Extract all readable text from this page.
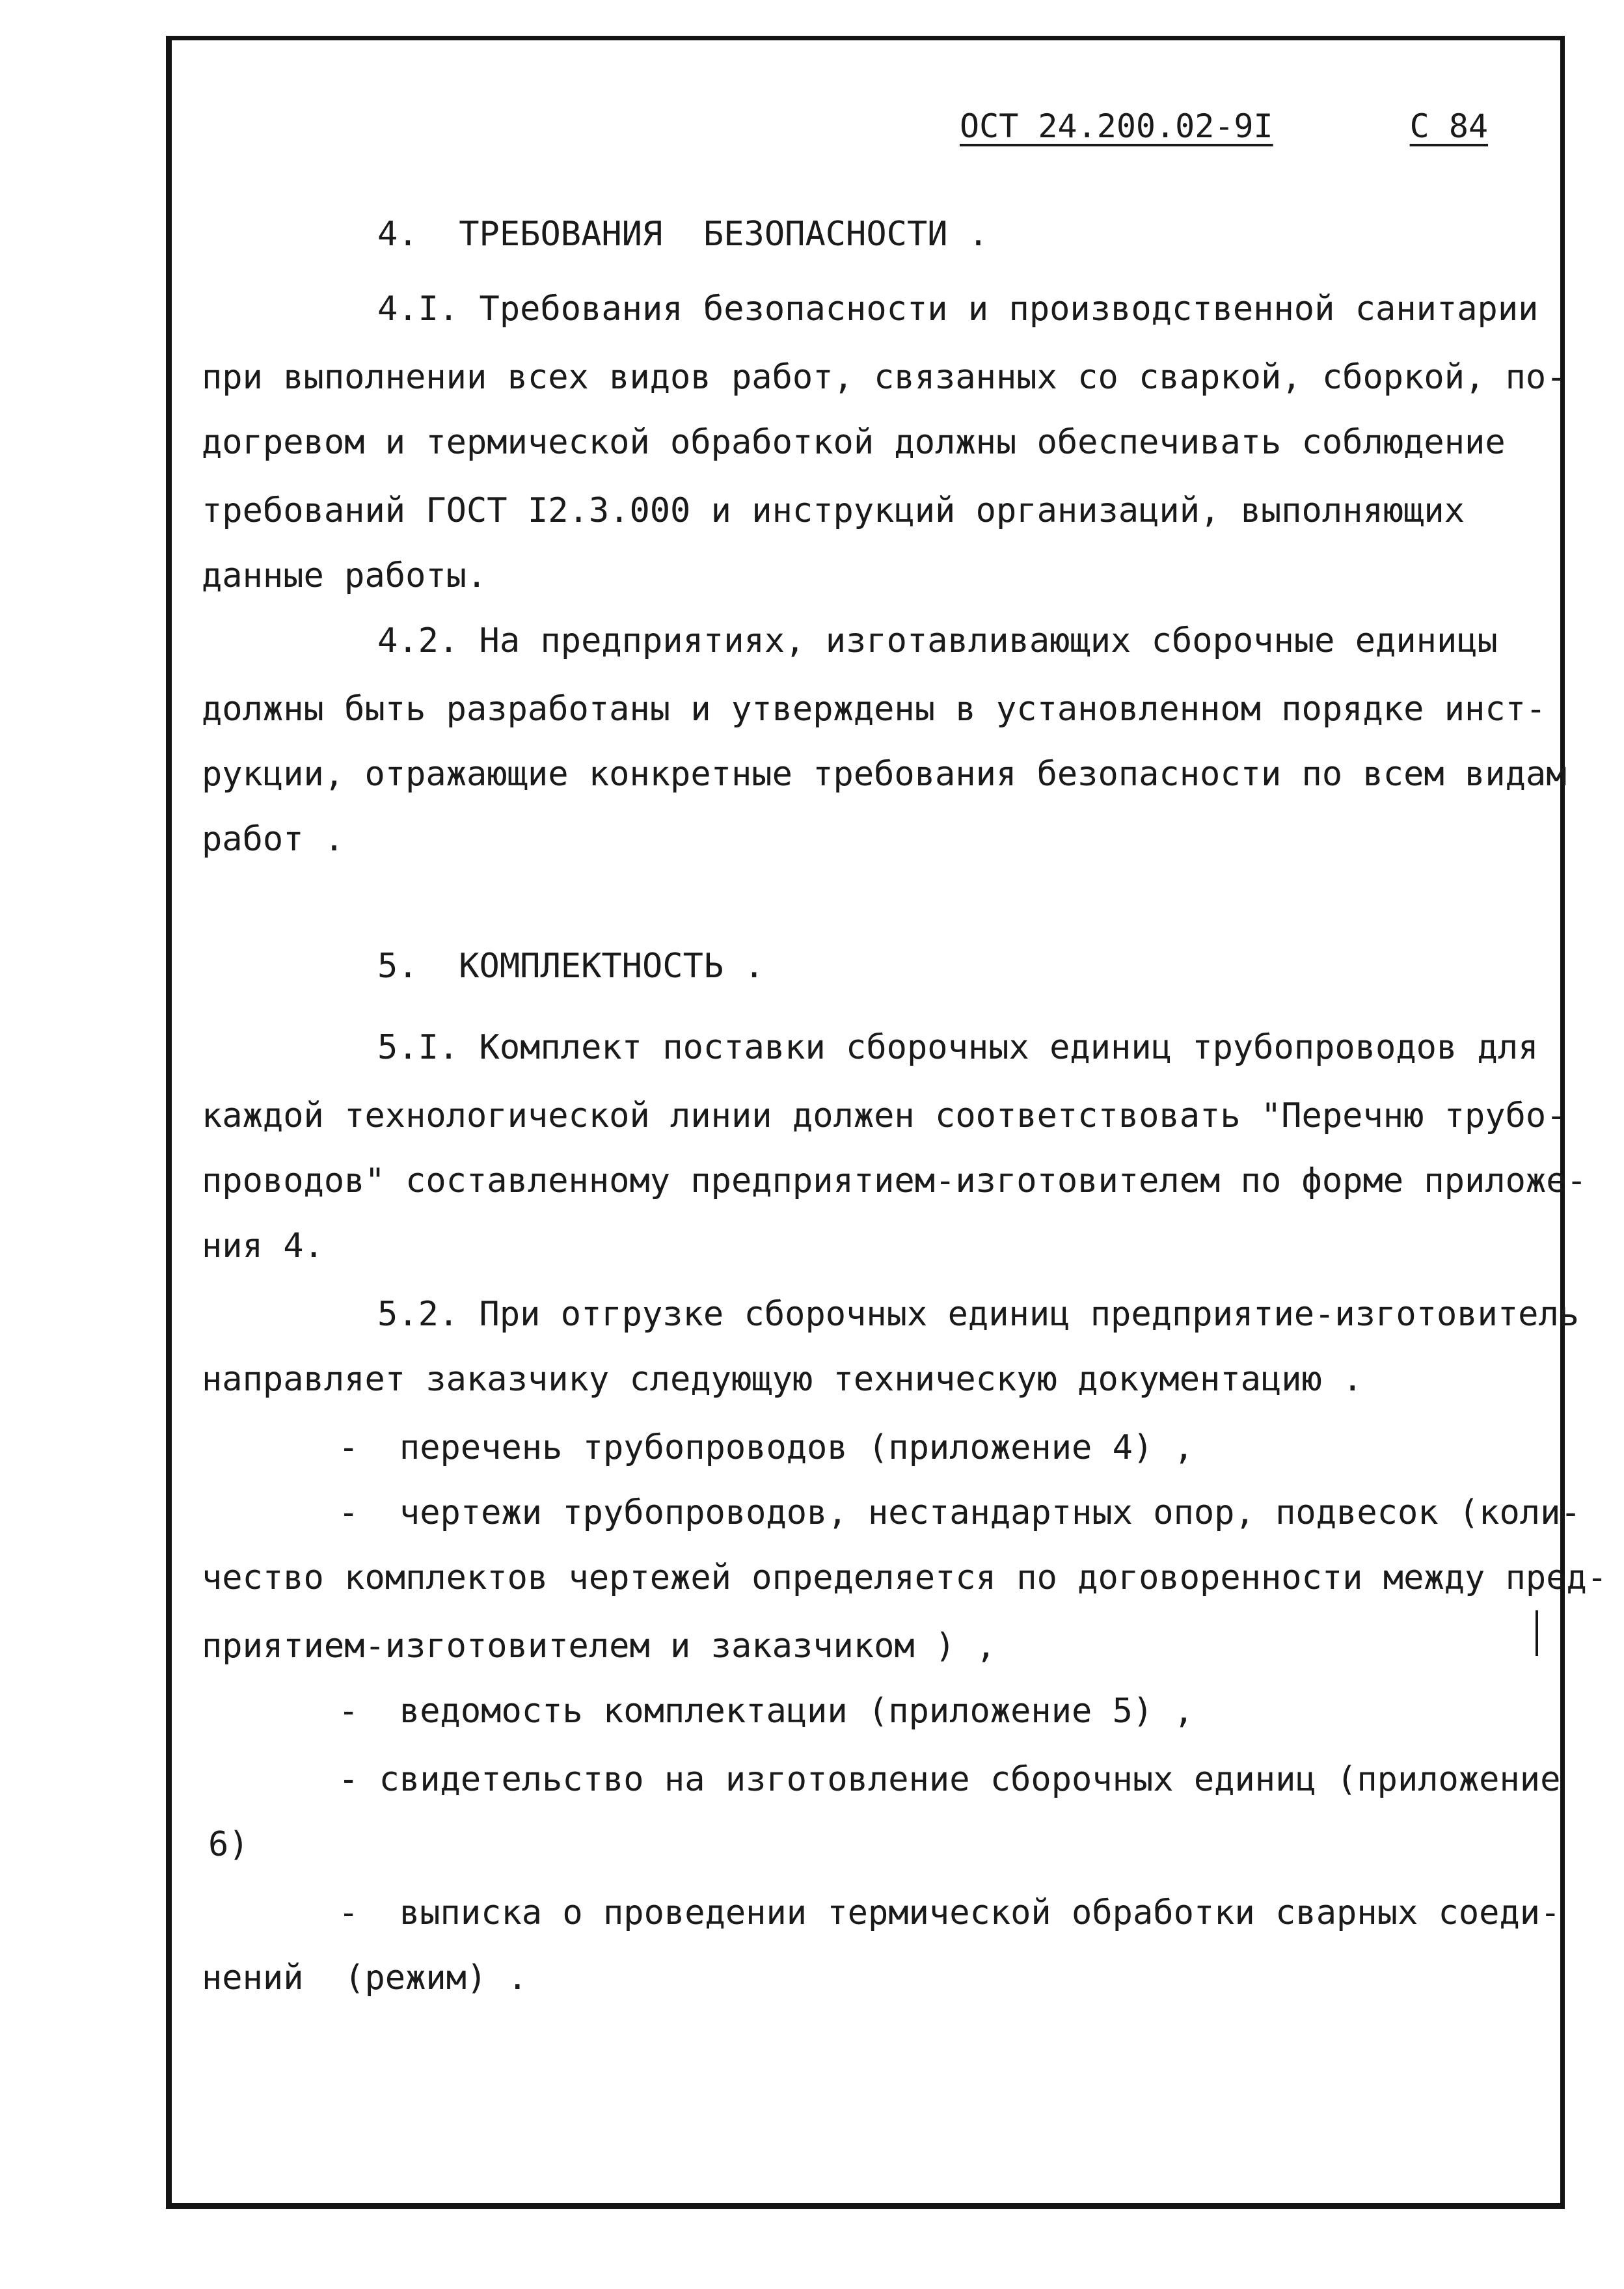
ОСТ 24.200.02-9I	С 84
4.  ТРЕБОВАНИЯ  БЕЗОПАСНОСТИ .
4.I. Требования безопасности и производственной санитарии
при выполнении всех видов работ, связанных со сваркой, сборкой, по-
догревом и термической обработкой должны обеспечивать соблюдение
требований ГОСТ I2.3.000 и инструкций организаций, выполняющих
данные работы.
4.2. На предприятиях, изготавливающих сборочные единицы
должны быть разработаны и утверждены в установленном порядке инст-
рукции, отражающие конкретные требования безопасности по всем видам
работ .
5.  КОМПЛЕКТНОСТЬ .
5.I. Комплект поставки сборочных единиц трубопроводов для
каждой технологической линии должен соответствовать "Перечню трубо-
проводов" составленному предприятием-изготовителем по форме приложе-
ния 4.
5.2. При отгрузке сборочных единиц предприятие-изготовитель
направляет заказчику следующую техническую документацию .
-  перечень трубопроводов (приложение 4) ,
-  чертежи трубопроводов, нестандартных опор, подвесок (коли-
чество комплектов чертежей определяется по договоренности между пред-
приятием-изготовителем и заказчиком ) ,
-  ведомость комплектации (приложение 5) ,
- свидетельство на изготовление сборочных единиц (приложение
6)
-  выписка о проведении термической обработки сварных соеди-
нений  (режим) .
